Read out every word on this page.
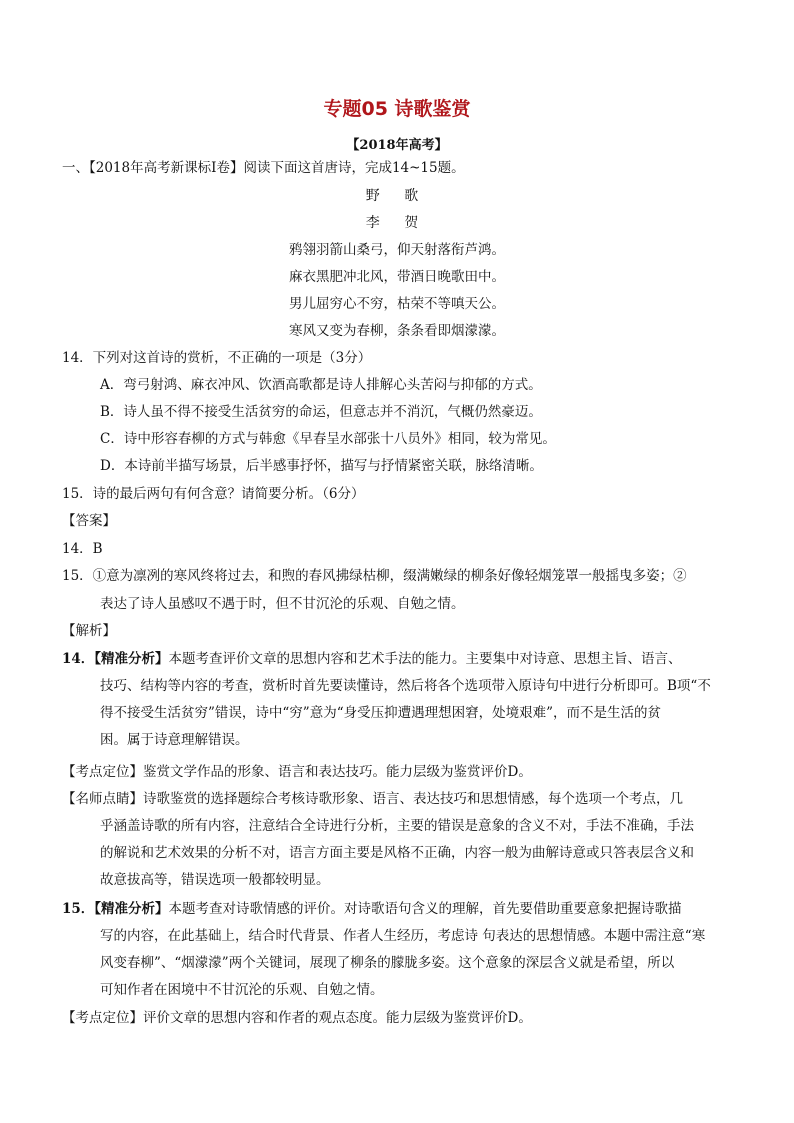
专题05 诗歌鉴赏
【2018年高考】
一、【2018年高考新课标Ⅰ卷】阅读下面这首唐诗，完成14~15题。
野 歌
李 贺
鸦翎羽箭山桑弓，仰天射落衔芦鸿。
麻衣黑肥冲北风，带酒日晚歌田中。
男儿屈穷心不穷，枯荣不等嗔天公。
寒风又变为春柳，条条看即烟濛濛。
14．下列对这首诗的赏析，不正确的一项是（3分）
A．弯弓射鸿、麻衣冲风、饮酒高歌都是诗人排解心头苦闷与抑郁的方式。
B．诗人虽不得不接受生活贫穷的命运，但意志并不消沉，气概仍然豪迈。
C．诗中形容春柳的方式与韩愈《早春呈水部张十八员外》相同，较为常见。
D．本诗前半描写场景，后半感事抒怀，描写与抒情紧密关联，脉络清晰。
15．诗的最后两句有何含意？请简要分析。（6分）
【答案】
14．B
15．①意为凛冽的寒风终将过去，和煦的春风拂绿枯柳，缀满嫩绿的柳条好像轻烟笼罩一般摇曳多姿；②
表达了诗人虽感叹不遇于时，但不甘沉沦的乐观、自勉之情。
【解析】
14．【精准分析】本题考查评价文章的思想内容和艺术手法的能力。主要集中对诗意、思想主旨、语言、
技巧、结构等内容的考查，赏析时首先要读懂诗，然后将各个选项带入原诗句中进行分析即可。B项“不
得不接受生活贫穷”错误，诗中“穷”意为“身受压抑遭遇理想困窘，处境艰难”，而不是生活的贫
困。属于诗意理解错误。
【考点定位】鉴赏文学作品的形象、语言和表达技巧。能力层级为鉴赏评价D。
【名师点睛】诗歌鉴赏的选择题综合考核诗歌形象、语言、表达技巧和思想情感，每个选项一个考点，几
乎涵盖诗歌的所有内容，注意结合全诗进行分析，主要的错误是意象的含义不对，手法不准确，手法
的解说和艺术效果的分析不对，语言方面主要是风格不正确，内容一般为曲解诗意或只答表层含义和
故意拔高等，错误选项一般都较明显。
15．【精准分析】本题考查对诗歌情感的评价。对诗歌语句含义的理解，首先要借助重要意象把握诗歌描
写的内容，在此基础上，结合时代背景、作者人生经历，考虑诗 句表达的思想情感。本题中需注意“寒
风变春柳”、“烟濛濛”两个关键词，展现了柳条的朦胧多姿。这个意象的深层含义就是希望，所以
可知作者在困境中不甘沉沦的乐观、自勉之情。
【考点定位】评价文章的思想内容和作者的观点态度。能力层级为鉴赏评价D。
